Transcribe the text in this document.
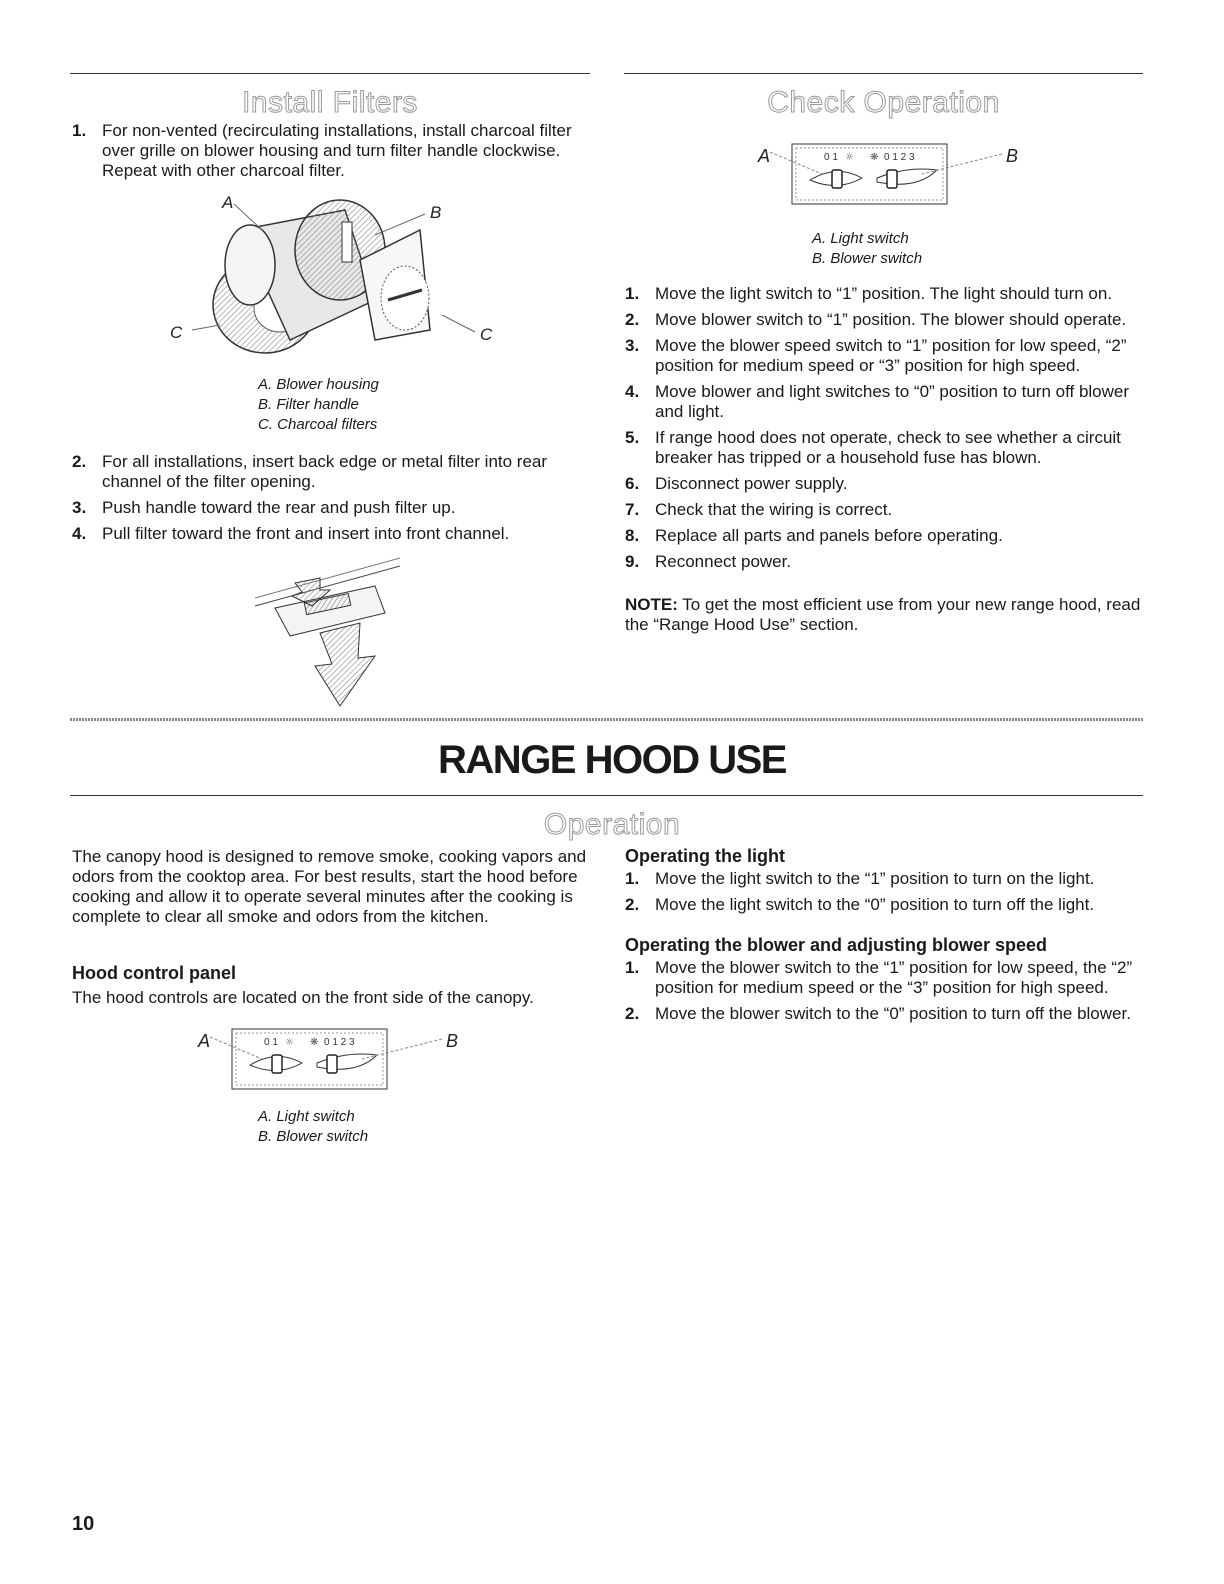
Install Filters
1. For non-vented (recirculating installations, install charcoal filter over grille on blower housing and turn filter handle clockwise. Repeat with other charcoal filter.
A
B
C	C
A. Blower housing
B. Filter handle
C. Charcoal filters
2. For all installations, insert back edge or metal filter into rear channel of the filter opening.
3. Push handle toward the rear and push filter up.
4. Pull filter toward the front and insert into front channel.
Check Operation
0 1 ☼ ❋ 0 1 2 3
A	B
A. Light switch
B. Blower switch
1. Move the light switch to “1” position. The light should turn on.
2. Move blower switch to “1” position. The blower should operate.
3. Move the blower speed switch to “1” position for low speed, “2” position for medium speed or “3” position for high speed.
4. Move blower and light switches to “0” position to turn off blower and light.
5. If range hood does not operate, check to see whether a circuit breaker has tripped or a household fuse has blown.
6. Disconnect power supply.
7. Check that the wiring is correct.
8. Replace all parts and panels before operating.
9. Reconnect power.

NOTE: To get the most efficient use from your new range hood, read the “Range Hood Use” section.

RANGE HOOD USE
Operation

The canopy hood is designed to remove smoke, cooking vapors and odors from the cooktop area. For best results, start the hood before cooking and allow it to operate several minutes after the cooking is complete to clear all smoke and odors from the kitchen.

Hood control panel

The hood controls are located on the front side of the canopy.

0 1 ☼ ❋ 0 1 2 3
A	B
A. Light switch
B. Blower switch
Operating the light
1. Move the light switch to the “1” position to turn on the light.
2. Move the light switch to the “0” position to turn off the light.
Operating the blower and adjusting blower speed
1. Move the blower switch to the “1” position for low speed, the “2” position for medium speed or the “3” position for high speed.
2. Move the blower switch to the “0” position to turn off the blower.
10
